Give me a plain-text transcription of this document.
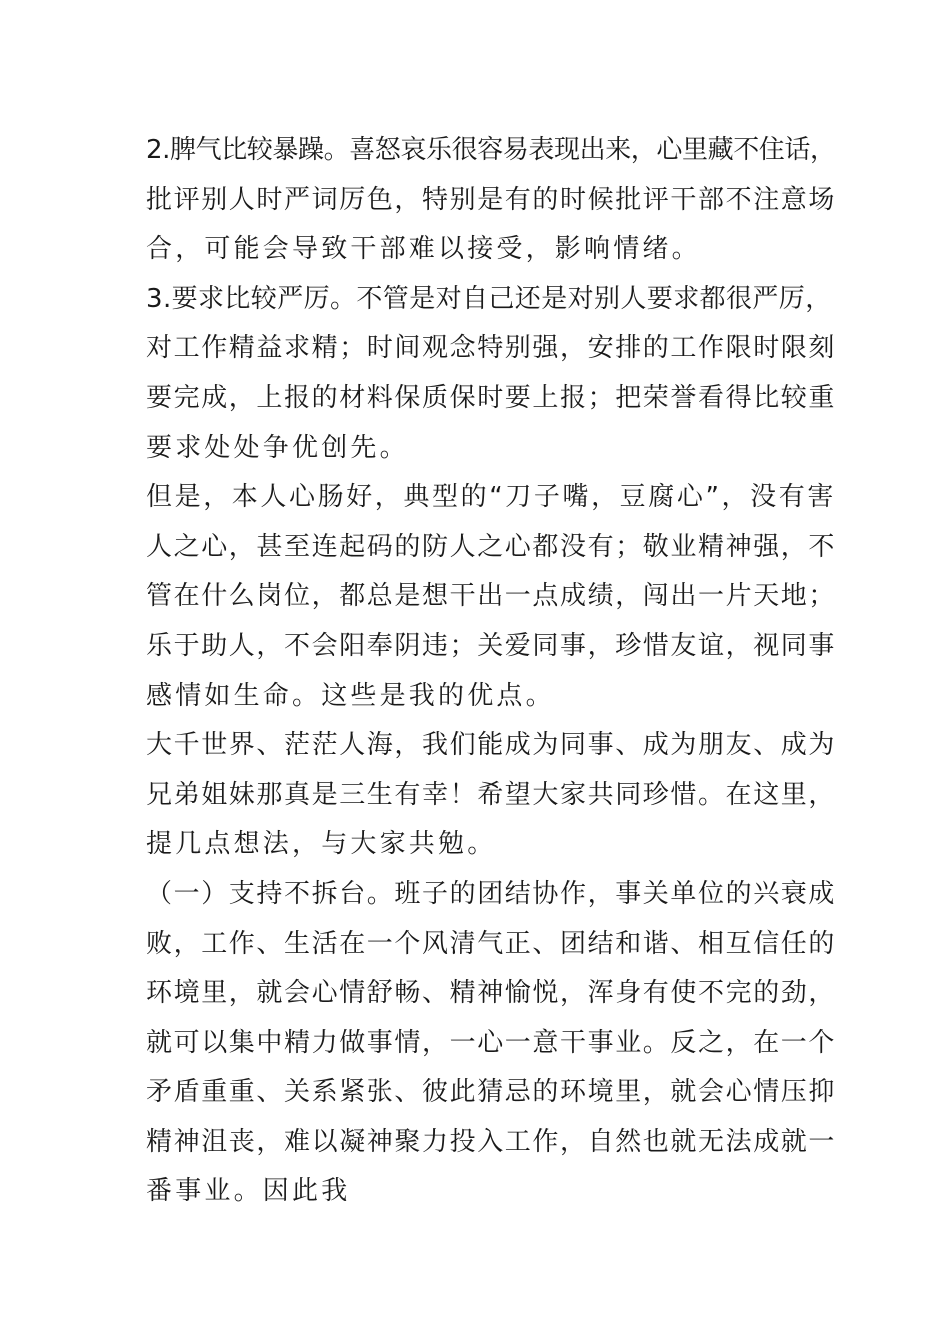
2.脾气比较暴躁。喜怒哀乐很容易表现出来，心里藏不住话，
批评别人时严词厉色，特别是有的时候批评干部不注意场
合，可能会导致干部难以接受，影响情绪。
3.要求比较严厉。不管是对自己还是对别人要求都很严厉，
对工作精益求精；时间观念特别强，安排的工作限时限刻
要完成，上报的材料保质保时要上报；把荣誉看得比较重
要求处处争优创先。
但是，本人心肠好，典型的“刀子嘴，豆腐心”，没有害
人之心，甚至连起码的防人之心都没有；敬业精神强，不
管在什么岗位，都总是想干出一点成绩，闯出一片天地；
乐于助人，不会阳奉阴违；关爱同事，珍惜友谊，视同事
感情如生命。这些是我的优点。
大千世界、茫茫人海，我们能成为同事、成为朋友、成为
兄弟姐妹那真是三生有幸！希望大家共同珍惜。在这里，
提几点想法，与大家共勉。
（一）支持不拆台。班子的团结协作，事关单位的兴衰成
败，工作、生活在一个风清气正、团结和谐、相互信任的
环境里，就会心情舒畅、精神愉悦，浑身有使不完的劲，
就可以集中精力做事情，一心一意干事业。反之，在一个
矛盾重重、关系紧张、彼此猜忌的环境里，就会心情压抑
精神沮丧，难以凝神聚力投入工作，自然也就无法成就一
番事业。因此我
